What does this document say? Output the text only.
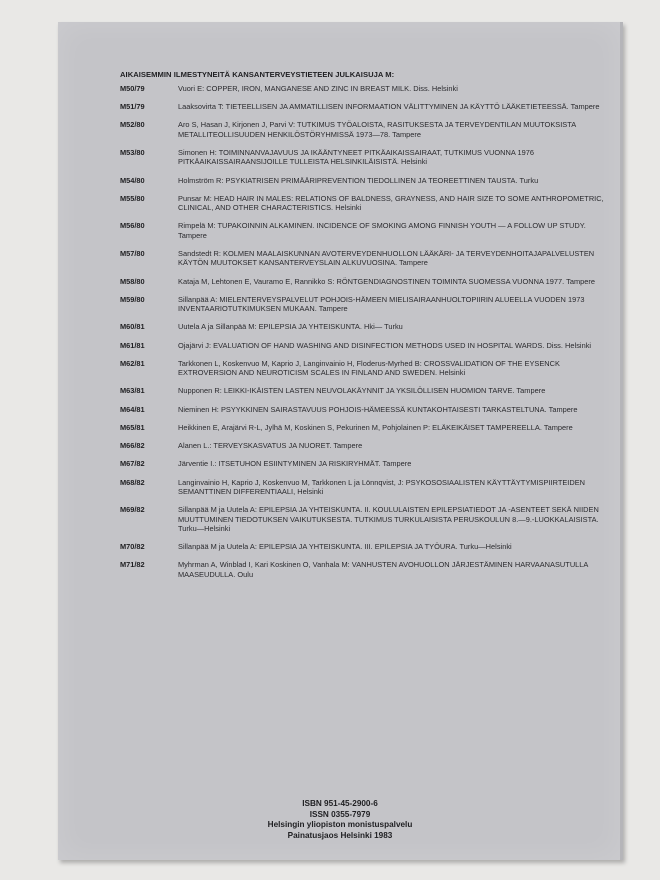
AIKAISEMMIN ILMESTYNEITÄ KANSANTERVEYSTIETEEN JULKAISUJA M:
M50/79	Vuori E: COPPER, IRON, MANGANESE AND ZINC IN BREAST MILK. Diss. Helsinki
M51/79	Laaksovirta T: TIETEELLISEN JA AMMATILLISEN INFORMAATION VÄLITTYMINEN JA KÄYTTÖ LÄÄKETIETEESSÄ. Tampere
M52/80	Aro S, Hasan J, Kirjonen J, Parvi V: TUTKIMUS TYÖALOISTA, RASITUKSESTA JA TERVEYDENTILAN MUUTOKSISTA METALLITEOLLISUUDEN HENKILÖSTÖRYHMISSÄ 1973—78. Tampere
M53/80	Simonen H: TOIMINNANVAJAVUUS JA IKÄÄNTYNEET PITKÄAIKAISSAIRAAT, TUTKIMUS VUONNA 1976 PITKÄAIKAISSAIRAANSIJOILLE TULLEISTA HELSINKILÄISISTÄ. Helsinki
M54/80	Holmström R: PSYKIATRISEN PRIMÄÄRIPREVENTION TIEDOLLINEN JA TEOREETTINEN TAUSTA. Turku
M55/80	Punsar M: HEAD HAIR IN MALES: RELATIONS OF BALDNESS, GRAYNESS, AND HAIR SIZE TO SOME ANTHROPOMETRIC, CLINICAL, AND OTHER CHARACTERISTICS. Helsinki
M56/80	Rimpelä M: TUPAKOINNIN ALKAMINEN. INCIDENCE OF SMOKING AMONG FINNISH YOUTH — A FOLLOW UP STUDY. Tampere
M57/80	Sandstedt R: KOLMEN MAALAISKUNNAN AVOTERVEYDENHUOLLON LÄÄKÄRI- JA TERVEYDENHOITAJAPALVELUSTEN KÄYTÖN MUUTOKSET KANSANTERVEYSLAIN ALKUVUOSINA. Tampere
M58/80	Kataja M, Lehtonen E, Vauramo E, Rannikko S: RÖNTGENDIAGNOSTINEN TOIMINTA SUOMESSA VUONNA 1977. Tampere
M59/80	Sillanpää A: MIELENTERVEYSPALVELUT POHJOIS-HÄMEEN MIELISAIRAANHUOLTOPIIRIN ALUEELLA VUODEN 1973 INVENTAARIOTUTKIMUKSEN MUKAAN. Tampere
M60/81	Uutela A ja Sillanpää M: EPILEPSIA JA YHTEISKUNTA. Hki— Turku
M61/81	Ojajärvi J: EVALUATION OF HAND WASHING AND DISINFECTION METHODS USED IN HOSPITAL WARDS. Diss. Helsinki
M62/81	Tarkkonen L, Koskenvuo M, Kaprio J, Langinvainio H, Floderus-Myrhed B: CROSSVALIDATION OF THE EYSENCK EXTROVERSION AND NEUROTICISM SCALES IN FINLAND AND SWEDEN. Helsinki
M63/81	Nupponen R: LEIKKI-IKÄISTEN LASTEN NEUVOLAKÄYNNIT JA YKSILÖLLISEN HUOMION TARVE. Tampere
M64/81	Nieminen H: PSYYKKINEN SAIRASTAVUUS POHJOIS-HÄMEESSÄ KUNTAKOHTAISESTI TARKASTELTUNA. Tampere
M65/81	Heikkinen E, Arajärvi R-L, Jylhä M, Koskinen S, Pekurinen M, Pohjolainen P: ELÄKEIKÄISET TAMPEREELLA. Tampere
M66/82	Alanen L.: TERVEYSKASVATUS JA NUORET. Tampere
M67/82	Järventie I.: ITSETUHON ESIINTYMINEN JA RISKIRYHMÄT. Tampere
M68/82	Langinvainio H, Kaprio J, Koskenvuo M, Tarkkonen L ja Lönnqvist, J: PSYKOSOSIAALISTEN KÄYTTÄYTYMISPIIRTEIDEN SEMANTTINEN DIFFERENTIAALI, Helsinki
M69/82	Sillanpää M ja Uutela A: EPILEPSIA JA YHTEISKUNTA. II. KOULULAISTEN EPILEPSIATIEDOT JA -ASENTEET SEKÄ NIIDEN MUUTTUMINEN TIEDOTUKSEN VAIKUTUKSESTA. TUTKIMUS TURKULAISISTA PERUSKOULUN 8.—9.-LUOKKALAISISTA. Turku—Helsinki
M70/82	Sillanpää M ja Uutela A: EPILEPSIA JA YHTEISKUNTA. III. EPILEPSIA JA TYÖURA. Turku—Helsinki
M71/82	Myhrman A, Winblad I, Kari Koskinen O, Vanhala M: VANHUSTEN AVOHUOLLON JÄRJESTÄMINEN HARVAANASUTULLA MAASEUDULLA. Oulu
ISBN 951-45-2900-6
ISSN 0355-7979
Helsingin yliopiston monistuspalvelu
Painatusjaos Helsinki 1983
